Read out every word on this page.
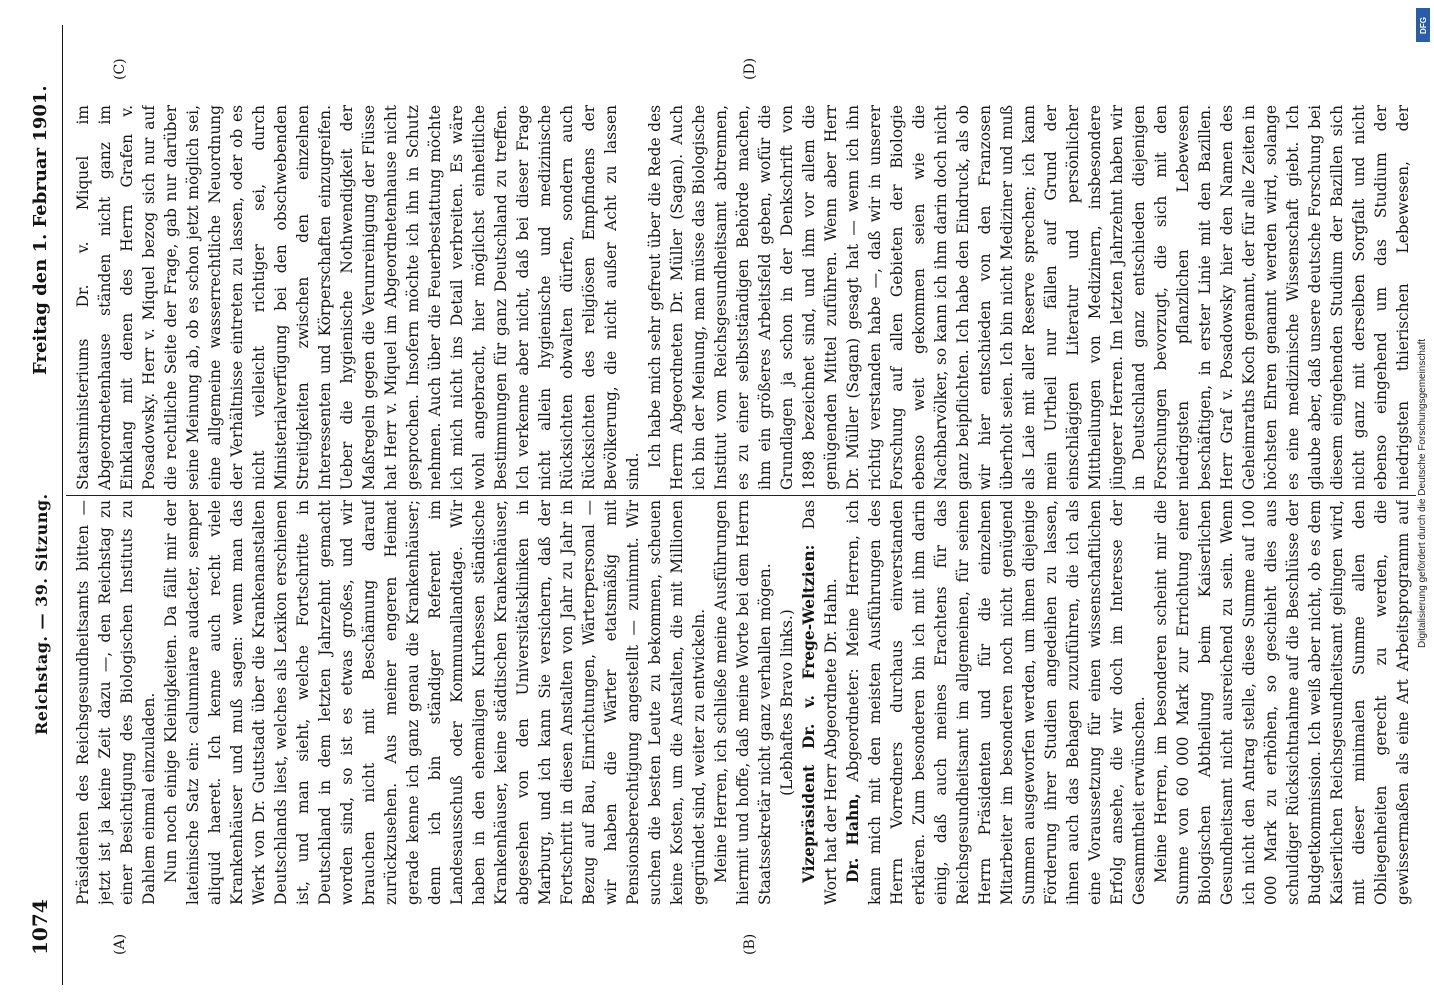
1074
Reichstag. — 39. Sitzung.
Freitag den 1. Februar 1901.
(A)	(B)
(C)	(D)

Präsidenten des Reichsgesundheitsamts bitten — jetzt ist ja keine Zeit dazu —, den Reichstag zu einer Besichtigung des Biologischen Instituts zu Dahlem einmal einzuladen. Nun noch einige Kleinigkeiten. Da fällt mir der lateinische Satz ein: calumniare audacter, semper aliquid haeret. Ich kenne auch recht viele Krankenhäuser und muß sagen: wenn man das Werk von Dr. Guttstadt über die Krankenanstalten Deutschlands liest, welches als Lexikon erschienen ist, und man sieht, welche Fortschritte in Deutschland in dem letzten Jahrzehnt gemacht worden sind, so ist es etwas großes, und wir brauchen nicht mit Beschämung darauf zurückzusehen. Aus meiner engeren Heimat gerade kenne ich ganz genau die Krankenhäuser; denn ich bin ständiger Referent im Landesausschuß oder Kommunallandtage. Wir haben in den ehemaligen Kurhessen ständische Krankenhäuser, keine städtischen Krankenhäuser, abgesehen von den Universitätskliniken in Marburg, und ich kann Sie versichern, daß der Fortschritt in diesen Anstalten von Jahr zu Jahr in Bezug auf Bau, Einrichtungen, Wärterpersonal — wir haben die Wärter etatsmäßig mit Pensionsberechtigung angestellt — zunimmt. Wir suchen die besten Leute zu bekommen, scheuen keine Kosten, um die Anstalten, die mit Millionen gegründet sind, weiter zu entwickeln. Meine Herren, ich schließe meine Ausführungen hiermit und hoffe, daß meine Worte bei dem Herrn Staatssekretär nicht ganz verhallen mögen. (Lebhaftes Bravo links.) Vizepräsident Dr. v. Frege-Weltzien: Das Wort hat der Herr Abgeordnete Dr. Hahn. Dr. Hahn, Abgeordneter: Meine Herren, ich kann mich mit den meisten Ausführungen des Herrn Vorredners durchaus einverstanden erklären. Zum besonderen bin ich mit ihm darin einig, daß auch meines Erachtens für das Reichsgesundheitsamt im allgemeinen, für seinen Herrn Präsidenten und für die einzelnen Mitarbeiter im besonderen noch nicht genügend Summen ausgeworfen werden, um ihnen diejenige Förderung ihrer Studien angedeihen zu lassen, ihnen auch das Behagen zuzuführen, die ich als eine Voraussetzung für einen wissenschaftlichen Erfolg ansehe, die wir doch im Interesse der Gesammtheit erwünschen. Meine Herren, im besonderen scheint mir die Summe von 60 000 Mark zur Errichtung einer Biologischen Abtheilung beim Kaiserlichen Gesundheitsamt nicht ausreichend zu sein. Wenn ich nicht den Antrag stelle, diese Summe auf 100 000 Mark zu erhöhen, so geschieht dies aus schuldiger Rücksichtnahme auf die Beschlüsse der Budgetkommission. Ich weiß aber nicht, ob es dem Kaiserlichen Reichsgesundheitsamt gelingen wird, mit dieser minimalen Summe allen den Obliegenheiten gerecht zu werden, die gewissermaßen als eine Art Arbeitsprogramm auf

Staatsministeriums Dr. v. Miquel im Abgeordnetenhause ständen nicht ganz im Einklang mit denen des Herrn Grafen v. Posadowsky. Herr v. Miquel bezog sich nur auf die rechtliche Seite der Frage, gab nur darüber seine Meinung ab, ob es schon jetzt möglich sei, eine allgemeine wasserrechtliche Neuordnung der Verhältnisse eintreten zu lassen, oder ob es nicht vielleicht richtiger sei, durch Ministerialverfügung bei den obschwebenden Streitigkeiten zwischen den einzelnen Interessenten und Körperschaften einzugreifen. Ueber die hygienische Nothwendigkeit der Maßregeln gegen die Verunreinigung der Flüsse hat Herr v. Miquel im Abgeordnetenhause nicht gesprochen. Insofern möchte ich ihn in Schutz nehmen. Auch über die Feuerbestattung möchte ich mich nicht ins Detail verbreiten. Es wäre wohl angebracht, hier möglichst einheitliche Bestimmungen für ganz Deutschland zu treffen. Ich verkenne aber nicht, daß bei dieser Frage nicht allein hygienische und medizinische Rücksichten obwalten dürfen, sondern auch Rücksichten des religiösen Empfindens der Bevölkerung, die nicht außer Acht zu lassen sind. Ich habe mich sehr gefreut über die Rede des Herrn Abgeordneten Dr. Müller (Sagan). Auch ich bin der Meinung, man müsse das Biologische Institut vom Reichsgesundheitsamt abtrennen, es zu einer selbstständigen Behörde machen, ihm ein größeres Arbeitsfeld geben, wofür die Grundlagen ja schon in der Denkschrift von 1898 bezeichnet sind, und ihm vor allem die genügenden Mittel zuführen. Wenn aber Herr Dr. Müller (Sagan) gesagt hat — wenn ich ihn richtig verstanden habe —, daß wir in unserer Forschung auf allen Gebieten der Biologie ebenso weit gekommen seien wie die Nachbarvölker, so kann ich ihm darin doch nicht ganz beipflichten. Ich habe den Eindruck, als ob wir hier entschieden von den Franzosen überholt seien. Ich bin nicht Mediziner und muß als Laie mit aller Reserve sprechen; ich kann mein Urtheil nur fällen auf Grund der einschlägigen Literatur und persönlicher Mittheilungen von Medizinern, insbesondere jüngerer Herren. Im letzten Jahrzehnt haben wir in Deutschland ganz entschieden diejenigen Forschungen bevorzugt, die sich mit den niedrigsten pflanzlichen Lebewesen beschäftigen, in erster Linie mit den Bazillen. Herr Graf v. Posadowsky hier den Namen des Geheimraths Koch genannt, der für alle Zeiten in höchsten Ehren genannt werden wird, solange es eine medizinische Wissenschaft giebt. Ich glaube aber, daß unsere deutsche Forschung bei diesem eingehenden Studium der Bazillen sich nicht ganz mit derselben Sorgfalt und nicht ebenso eingehend um das Studium der niedrigsten thierischen Lebewesen, der

Digitalisierung gefördert durch die Deutsche Forschungsgemeinschaft
DFG
